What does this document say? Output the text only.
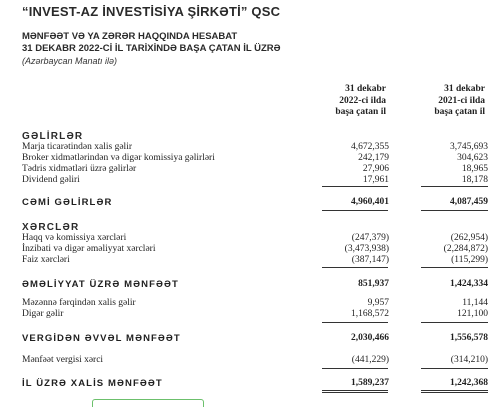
“INVEST-AZ İNVESTİSİYA ŞİRKƏTİ” QSC
MƏNFƏƏT VƏ YA ZƏRƏR HAQQINDA HESABAT
31 DEKABR 2022-Cİ İL TARİXİNDƏ BAŞA ÇATAN İL ÜZRƏ
(Azərbaycan Manatı ilə)
31 dekabr
2022-ci ilda
başa çatan il
31 dekabr
2021-ci ilda
başa çatan il
GƏLİRLƏR
Marja ticarətindən xalis gəlir	4,672,355	3,745,693
Broker xidmətlərindən və digər komissiya gəlirləri	242,179	304,623
Tədris xidmətləri üzrə gəlirlər	27,906	18,965
Dividend gəliri	17,961	18,178
CƏMİ GƏLİRLƏR	4,960,401	4,087,459
XƏRCLƏR
Haqq və komissiya xərcləri	(247,379)	(262,954)
İnzibati və digər əməliyyat xərcləri	(3,473,938)	(2,284,872)
Faiz xərcləri	(387,147)	(115,299)
ƏMƏLİYYAT ÜZRƏ MƏNFƏƏT	851,937	1,424,334
Məzənnə fərqindən xalis gəlir	9,957	11,144
Digər gəlir	1,168,572	121,100
VERGİDƏN ƏVVƏL MƏNFƏƏT	2,030,466	1,556,578
Mənfəət vergisi xərci	(441,229)	(314,210)
İL ÜZRƏ XALİS MƏNFƏƏT	1,589,237	1,242,368
